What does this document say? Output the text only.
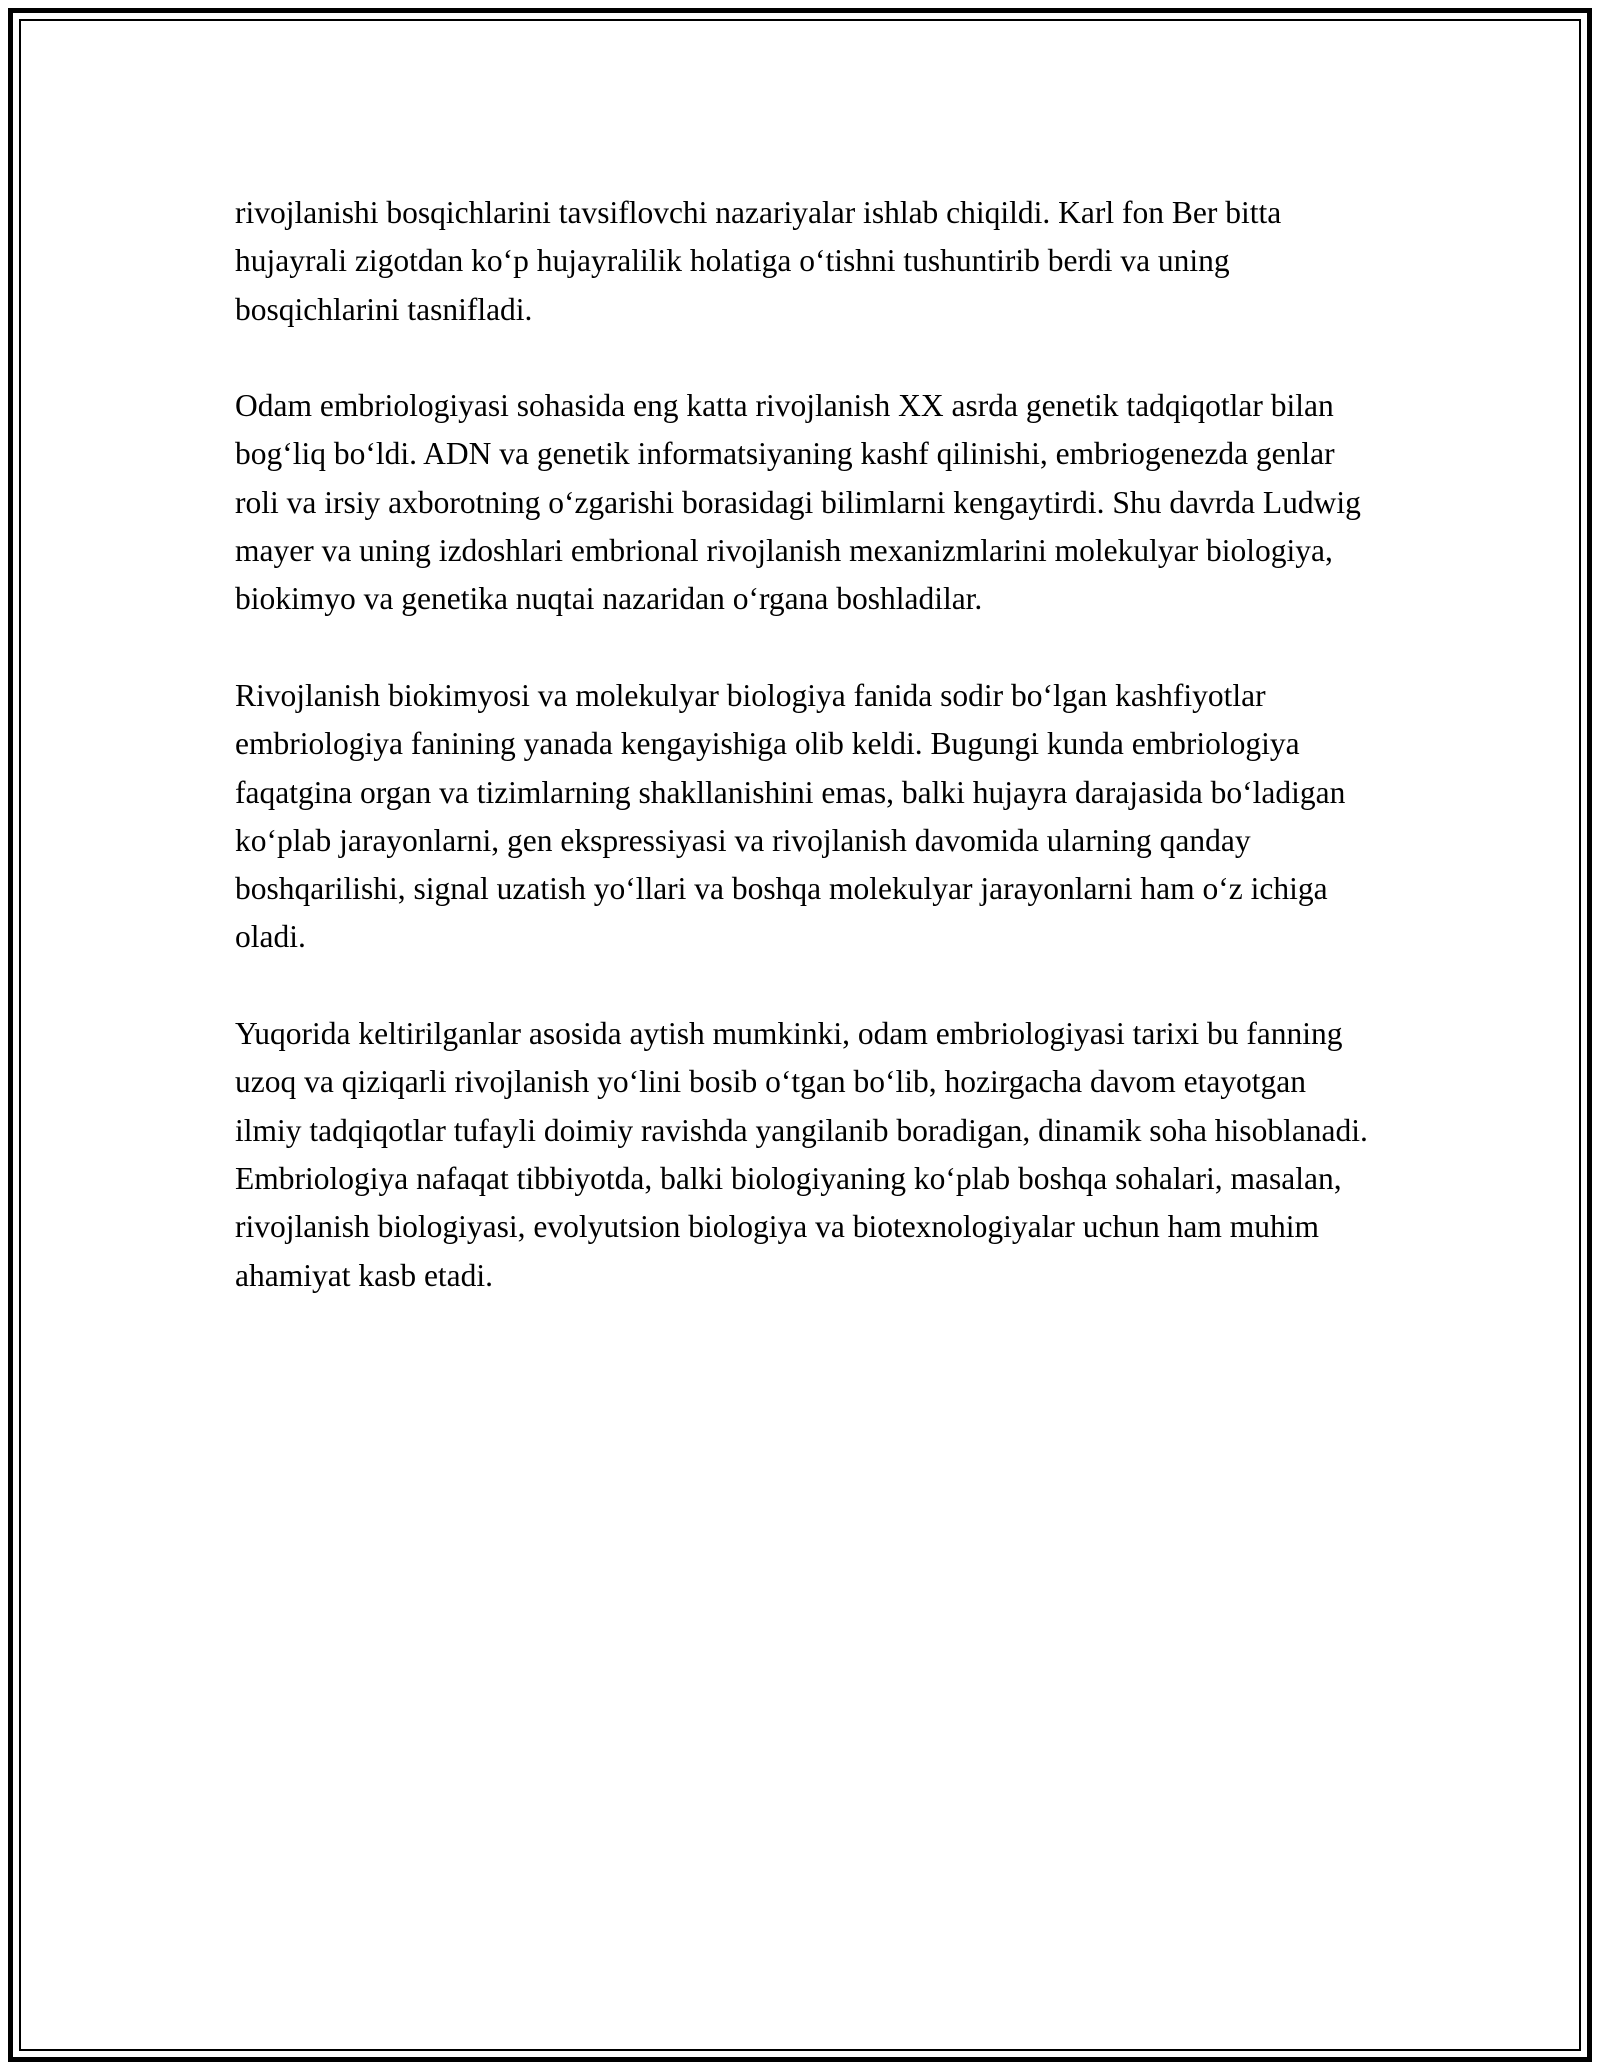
rivojlanishi bosqichlarini tavsiflovchi nazariyalar ishlab chiqildi. Karl fon Ber bitta hujayrali zigotdan ko‘p hujayralilik holatiga o‘tishni tushuntirib berdi va uning bosqichlarini tasnifladi.

Odam embriologiyasi sohasida eng katta rivojlanish XX asrda genetik tadqiqotlar bilan bog‘liq bo‘ldi. ADN va genetik informatsiyaning kashf qilinishi, embriogenezda genlar roli va irsiy axborotning o‘zgarishi borasidagi bilimlarni kengaytirdi. Shu davrda Ludwig mayer va uning izdoshlari embrional rivojlanish mexanizmlarini molekulyar biologiya, biokimyo va genetika nuqtai nazaridan o‘rgana boshladilar.

Rivojlanish biokimyosi va molekulyar biologiya fanida sodir bo‘lgan kashfiyotlar embriologiya fanining yanada kengayishiga olib keldi. Bugungi kunda embriologiya faqatgina organ va tizimlarning shakllanishini emas, balki hujayra darajasida bo‘ladigan ko‘plab jarayonlarni, gen ekspressiyasi va rivojlanish davomida ularning qanday boshqarilishi, signal uzatish yo‘llari va boshqa molekulyar jarayonlarni ham o‘z ichiga oladi.

Yuqorida keltirilganlar asosida aytish mumkinki, odam embriologiyasi tarixi bu fanning uzoq va qiziqarli rivojlanish yo‘lini bosib o‘tgan bo‘lib, hozirgacha davom etayotgan ilmiy tadqiqotlar tufayli doimiy ravishda yangilanib boradigan, dinamik soha hisoblanadi. Embriologiya nafaqat tibbiyotda, balki biologiyaning ko‘plab boshqa sohalari, masalan, rivojlanish biologiyasi, evolyutsion biologiya va biotexnologiyalar uchun ham muhim ahamiyat kasb etadi.
